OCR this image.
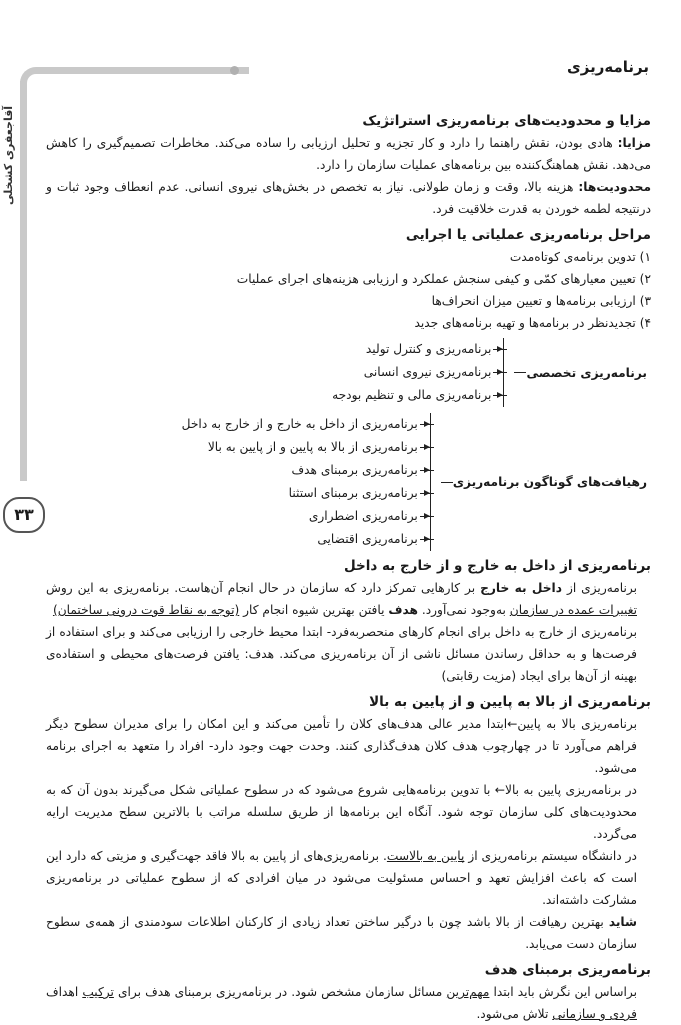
برنامه‌ریزی
آقاجعفری کشخلی
۳۳
مزایا و محدودیت‌های برنامه‌ریزی استراتژیک

مزایا: هادی بودن، نقش راهنما را دارد و کار تجزیه و تحلیل ارزیابی را ساده می‌کند. مخاطرات تصمیم‌گیری را کاهش می‌دهد. نقش هماهنگ‌کننده بین برنامه‌های عملیات سازمان را دارد.

محدودیت‌ها: هزینه بالا، وقت و زمان طولانی. نیاز به تخصص در بخش‌های نیروی انسانی. عدم انعطاف وجود ثبات و درنتیجه لطمه خوردن به قدرت خلاقیت فرد.

مراحل برنامه‌ریزی عملیاتی یا اجرایی
۱) تدوین برنامه‌ی کوتاه‌مدت
۲) تعیین معیارهای کمّی و کیفی سنجش عملکرد و ارزیابی هزینه‌های اجرای عملیات
۳) ارزیابی برنامه‌ها و تعیین میزان انحراف‌ها
۴) تجدیدنظر در برنامه‌ها و تهیه برنامه‌های جدید
برنامه‌ریزی تخصصی
برنامه‌ریزی و کنترل تولید
برنامه‌ریزی نیروی انسانی
برنامه‌ریزی مالی و تنظیم بودجه
رهیافت‌های گوناگون برنامه‌ریزی
برنامه‌ریزی از داخل به خارج و از خارج به داخل
برنامه‌ریزی از بالا به پایین و از پایین به بالا
برنامه‌ریزی برمبنای هدف
برنامه‌ریزی برمبنای استثنا
برنامه‌ریزی اضطراری
برنامه‌ریزی اقتضایی
برنامه‌ریزی از داخل به خارج و از خارج به داخل

برنامه‌ریزی از داخل به خارج بر کارهایی تمرکز دارد که سازمان در حال انجام آن‌هاست. برنامه‌ریزی به این روش تغییرات عمده در سازمان به‌وجود نمی‌آورد. هدف یافتن بهترین شیوه انجام کار (توجه به نقاط قوت درونی ساختمان)

برنامه‌ریزی از خارج به داخل برای انجام کارهای منحصربه‌فرد- ابتدا محیط خارجی را ارزیابی می‌کند و برای استفاده از فرصت‌ها و به حداقل رساندن مسائل ناشی از آن برنامه‌ریزی می‌کند. هدف: یافتن فرصت‌های محیطی و استفاده‌ی بهینه از آن‌ها برای ایجاد (مزیت رقابتی)

برنامه‌ریزی از بالا به پایین و از پایین به بالا

برنامه‌ریزی بالا به پایین←ابتدا مدیر عالی هدف‌های کلان را تأمین می‌کند و این امکان را برای مدیران سطوح دیگر فراهم می‌آورد تا در چهارچوب هدف کلان هدف‌گذاری کنند. وحدت جهت وجود دارد- افراد را متعهد به اجرای برنامه می‌شود.

در برنامه‌ریزی پایین به بالا← با تدوین برنامه‌هایی شروع می‌شود که در سطوح عملیاتی شکل می‌گیرند بدون آن که به محدودیت‌های کلی سازمان توجه شود. آنگاه این برنامه‌ها از طریق سلسله مراتب با بالاترین سطح مدیریت ارایه می‌گردد.

در دانشگاه سیستم برنامه‌ریزی از پایین به بالاست. برنامه‌ریزی‌های از پایین به بالا فاقد جهت‌گیری و مزیتی که دارد این است که باعث افزایش تعهد و احساس مسئولیت می‌شود در میان افرادی که از سطوح عملیاتی در برنامه‌ریزی مشارکت داشته‌اند.

شاید بهترین رهیافت از بالا باشد چون با درگیر ساختن تعداد زیادی از کارکنان اطلاعات سودمندی از همه‌ی سطوح سازمان دست می‌یابد.

برنامه‌ریزی برمبنای هدف

براساس این نگرش باید ابتدا مهم‌ترین مسائل سازمان مشخص شود. در برنامه‌ریزی برمبنای هدف برای ترکیب اهداف فردی و سازمانی تلاش می‌شود.
